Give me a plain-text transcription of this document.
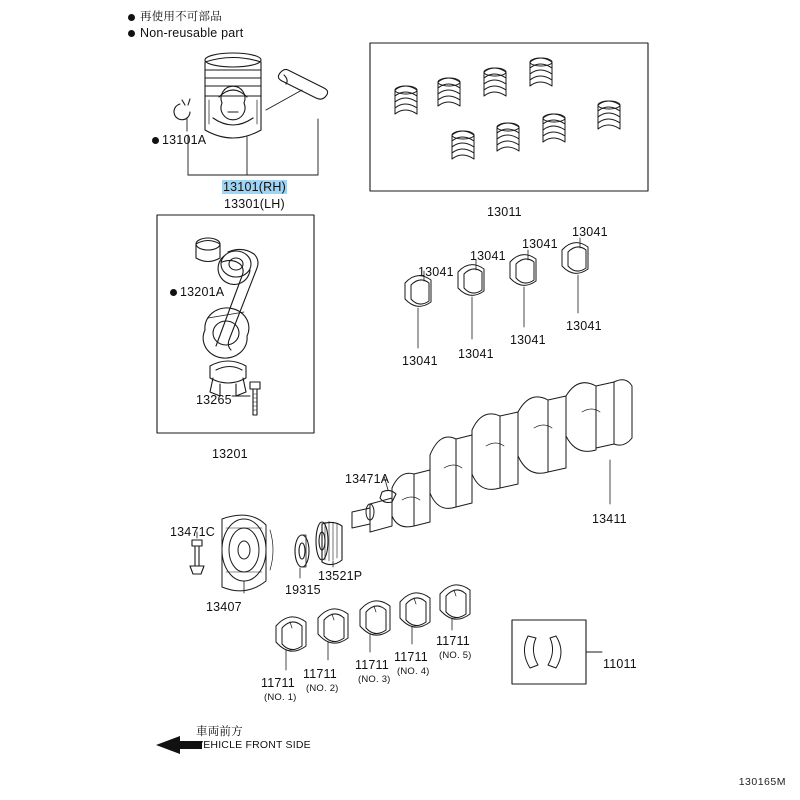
再使用不可部品
Non-reusable part
13101A
13101(RH)
13301(LH)
13011
13201A
13265
13201
13041
13041
13041
13041
13041 13041
13041
13041
13471A
13411
13471C
13521P
19315
13407
11011
11711
(NO. 1)
11711
(NO. 2)
11711
(NO. 3)
11711
(NO. 4)
11711
(NO. 5)
車両前方
VEHICLE FRONT SIDE
130165M
